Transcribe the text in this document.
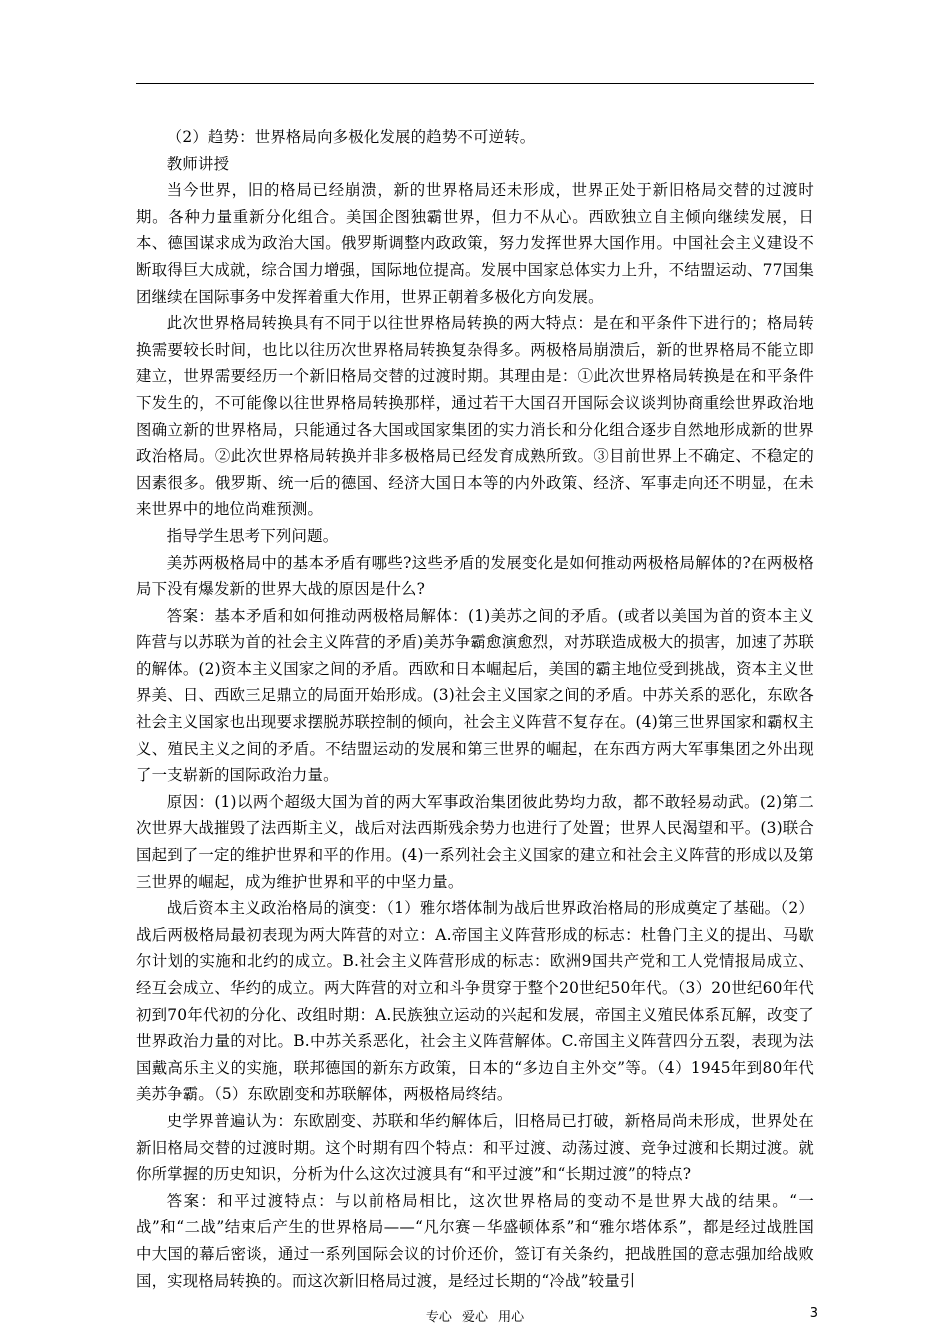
（2）趋势：世界格局向多极化发展的趋势不可逆转。

教师讲授

当今世界，旧的格局已经崩溃，新的世界格局还未形成，世界正处于新旧格局交替的过渡时期。各种力量重新分化组合。美国企图独霸世界，但力不从心。西欧独立自主倾向继续发展，日本、德国谋求成为政治大国。俄罗斯调整内政政策，努力发挥世界大国作用。中国社会主义建设不断取得巨大成就，综合国力增强，国际地位提高。发展中国家总体实力上升，不结盟运动、77国集团继续在国际事务中发挥着重大作用，世界正朝着多极化方向发展。

此次世界格局转换具有不同于以往世界格局转换的两大特点：是在和平条件下进行的；格局转换需要较长时间，也比以往历次世界格局转换复杂得多。两极格局崩溃后，新的世界格局不能立即建立，世界需要经历一个新旧格局交替的过渡时期。其理由是：①此次世界格局转换是在和平条件下发生的，不可能像以往世界格局转换那样，通过若干大国召开国际会议谈判协商重绘世界政治地图确立新的世界格局，只能通过各大国或国家集团的实力消长和分化组合逐步自然地形成新的世界政治格局。②此次世界格局转换并非多极格局已经发育成熟所致。③目前世界上不确定、不稳定的因素很多。俄罗斯、统一后的德国、经济大国日本等的内外政策、经济、军事走向还不明显，在未来世界中的地位尚难预测。

指导学生思考下列问题。

美苏两极格局中的基本矛盾有哪些?这些矛盾的发展变化是如何推动两极格局解体的?在两极格局下没有爆发新的世界大战的原因是什么?

答案：基本矛盾和如何推动两极格局解体：(1)美苏之间的矛盾。(或者以美国为首的资本主义阵营与以苏联为首的社会主义阵营的矛盾)美苏争霸愈演愈烈，对苏联造成极大的损害，加速了苏联的解体。(2)资本主义国家之间的矛盾。西欧和日本崛起后，美国的霸主地位受到挑战，资本主义世界美、日、西欧三足鼎立的局面开始形成。(3)社会主义国家之间的矛盾。中苏关系的恶化，东欧各社会主义国家也出现要求摆脱苏联控制的倾向，社会主义阵营不复存在。(4)第三世界国家和霸权主义、殖民主义之间的矛盾。不结盟运动的发展和第三世界的崛起，在东西方两大军事集团之外出现了一支崭新的国际政治力量。

原因：(1)以两个超级大国为首的两大军事政治集团彼此势均力敌，都不敢轻易动武。(2)第二次世界大战摧毁了法西斯主义，战后对法西斯残余势力也进行了处置；世界人民渴望和平。(3)联合国起到了一定的维护世界和平的作用。(4)一系列社会主义国家的建立和社会主义阵营的形成以及第三世界的崛起，成为维护世界和平的中坚力量。

战后资本主义政治格局的演变：（1）雅尔塔体制为战后世界政治格局的形成奠定了基础。（2）战后两极格局最初表现为两大阵营的对立：A.帝国主义阵营形成的标志：杜鲁门主义的提出、马歇尔计划的实施和北约的成立。B.社会主义阵营形成的标志：欧洲9国共产党和工人党情报局成立、经互会成立、华约的成立。两大阵营的对立和斗争贯穿于整个20世纪50年代。（3）20世纪60年代初到70年代初的分化、改组时期：A.民族独立运动的兴起和发展，帝国主义殖民体系瓦解，改变了世界政治力量的对比。B.中苏关系恶化，社会主义阵营解体。C.帝国主义阵营四分五裂，表现为法国戴高乐主义的实施，联邦德国的新东方政策，日本的“多边自主外交”等。（4）1945年到80年代美苏争霸。（5）东欧剧变和苏联解体，两极格局终结。

史学界普遍认为：东欧剧变、苏联和华约解体后，旧格局已打破，新格局尚未形成，世界处在新旧格局交替的过渡时期。这个时期有四个特点：和平过渡、动荡过渡、竞争过渡和长期过渡。就你所掌握的历史知识，分析为什么这次过渡具有“和平过渡”和“长期过渡”的特点?

答案：和平过渡特点：与以前格局相比，这次世界格局的变动不是世界大战的结果。“一战”和“二战”结束后产生的世界格局——“凡尔赛－华盛顿体系”和“雅尔塔体系”，都是经过战胜国中大国的幕后密谈，通过一系列国际会议的讨价还价，签订有关条约，把战胜国的意志强加给战败国，实现格局转换的。而这次新旧格局过渡，是经过长期的“冷战”较量引

专心 爱心 用心	3
